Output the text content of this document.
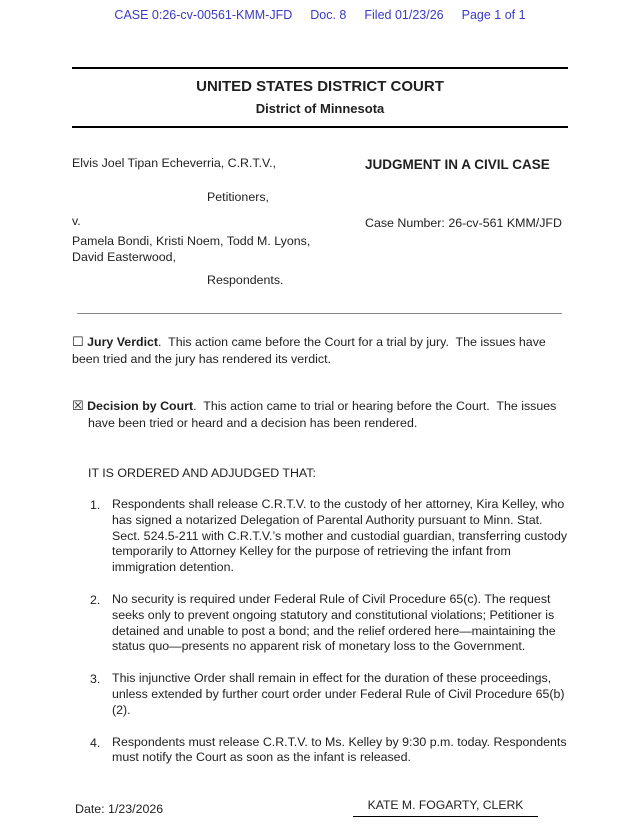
CASE 0:26-cv-00561-KMM-JFD Doc. 8 Filed 01/23/26 Page 1 of 1
UNITED STATES DISTRICT COURT
District of Minnesota
Elvis Joel Tipan Echeverria, C.R.T.V.,
Petitioners,
v.
Pamela Bondi, Kristi Noem, Todd M. Lyons, David Easterwood,
Respondents.
JUDGMENT IN A CIVIL CASE
Case Number: 26-cv-561 KMM/JFD
☐ Jury Verdict.  This action came before the Court for a trial by jury.  The issues have been tried and the jury has rendered its verdict.
☒ Decision by Court.  This action came to trial or hearing before the Court.  The issues have been tried or heard and a decision has been rendered.
IT IS ORDERED AND ADJUDGED THAT:
1. Respondents shall release C.R.T.V. to the custody of her attorney, Kira Kelley, who has signed a notarized Delegation of Parental Authority pursuant to Minn. Stat. Sect. 524.5-211 with C.R.T.V.’s mother and custodial guardian, transferring custody temporarily to Attorney Kelley for the purpose of retrieving the infant from immigration detention.
2. No security is required under Federal Rule of Civil Procedure 65(c). The request seeks only to prevent ongoing statutory and constitutional violations; Petitioner is detained and unable to post a bond; and the relief ordered here—maintaining the status quo—presents no apparent risk of monetary loss to the Government.
3. This injunctive Order shall remain in effect for the duration of these proceedings, unless extended by further court order under Federal Rule of Civil Procedure 65(b)(2).
4. Respondents must release C.R.T.V. to Ms. Kelley by 9:30 p.m. today. Respondents must notify the Court as soon as the infant is released.
Date: 1/23/2026	KATE M. FOGARTY, CLERK
